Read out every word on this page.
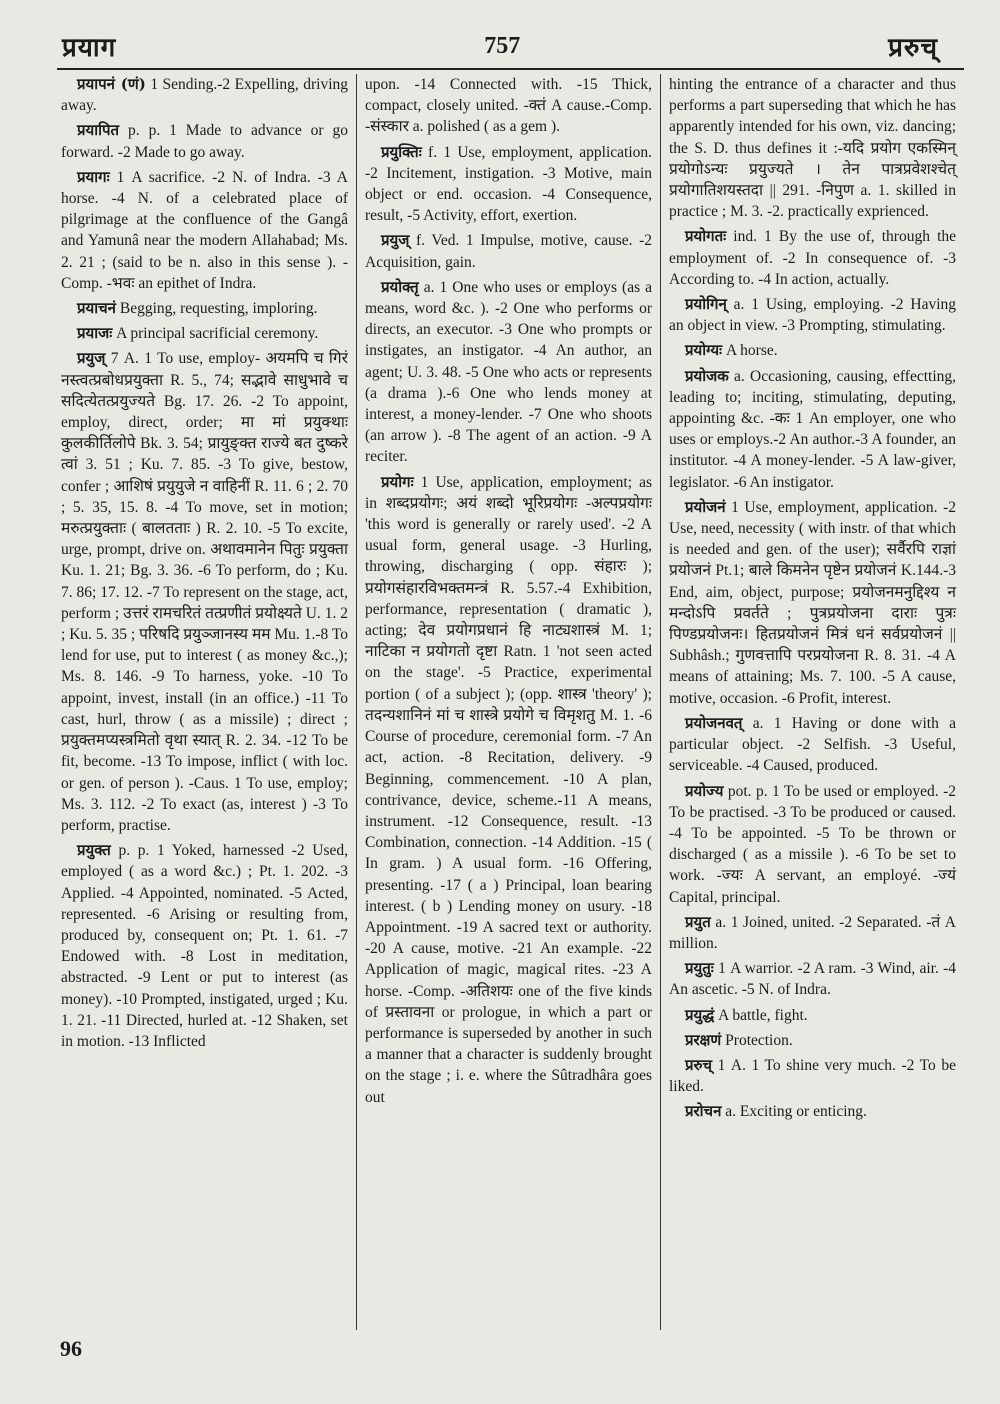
प्रयाग	757	प्ररुच्

प्रयापनं (णं) 1 Sending.-2 Expelling, driving away.

प्रयापित p. p. 1 Made to advance or go forward. -2 Made to go away.

प्रयागः 1 A sacrifice. -2 N. of Indra. -3 A horse. -4 N. of a celebrated place of pilgrimage at the confluence of the Gangâ and Yamunâ near the modern Allahabad; Ms. 2. 21 ; (said to be n. also in this sense ). -Comp. -भवः an epithet of Indra.

प्रयाचनं Begging, requesting, imploring.

प्रयाजः A principal sacrificial ceremony.

प्रयुज् 7 A. 1 To use, employ- अयमपि च गिरं नस्त्वत्प्रबोधप्रयुक्ता R. 5., 74; सद्भावे साधुभावे च सदित्येतत्प्रयुज्यते Bg. 17. 26. -2 To appoint, employ, direct, order; मा मां प्रयुक्थाः कुलकीर्तिलोपे Bk. 3. 54; प्रायुङ्क्त राज्ये बत दुष्करे त्वां 3. 51 ; Ku. 7. 85. -3 To give, bestow, confer ; आशिषं प्रयुयुजे न वाहिनीं R. 11. 6 ; 2. 70 ; 5. 35, 15. 8. -4 To move, set in motion; मरुत्प्रयुक्ताः ( बालतताः ) R. 2. 10. -5 To excite, urge, prompt, drive on. अथावमानेन पितुः प्रयुक्ता Ku. 1. 21; Bg. 3. 36. -6 To perform, do ; Ku. 7. 86; 17. 12. -7 To represent on the stage, act, perform ; उत्तरं रामचरितं तत्प्रणीतं प्रयोक्ष्यते U. 1. 2 ; Ku. 5. 35 ; परिषदि प्रयुञ्जानस्य मम Mu. 1.-8 To lend for use, put to interest ( as money &c.,); Ms. 8. 146. -9 To harness, yoke. -10 To appoint, invest, install (in an office.) -11 To cast, hurl, throw ( as a missile) ; direct ; प्रयुक्तमप्यस्त्रमितो वृथा स्यात् R. 2. 34. -12 To be fit, become. -13 To impose, inflict ( with loc. or gen. of person ). -Caus. 1 To use, employ; Ms. 3. 112. -2 To exact (as, interest ) -3 To perform, practise.

प्रयुक्त p. p. 1 Yoked, harnessed -2 Used, employed ( as a word &c.) ; Pt. 1. 202. -3 Applied. -4 Appointed, nominated. -5 Acted, represented. -6 Arising or resulting from, produced by, consequent on; Pt. 1. 61. -7 Endowed with. -8 Lost in meditation, abstracted. -9 Lent or put to interest (as money). -10 Prompted, instigated, urged ; Ku. 1. 21. -11 Directed, hurled at. -12 Shaken, set in motion. -13 Inflicted

upon. -14 Connected with. -15 Thick, compact, closely united. -क्तं A cause.-Comp. -संस्कार a. polished ( as a gem ).

प्रयुक्तिः f. 1 Use, employment, application. -2 Incitement, instigation. -3 Motive, main object or end. occasion. -4 Consequence, result, -5 Activity, effort, exertion.

प्रयुज् f. Ved. 1 Impulse, motive, cause. -2 Acquisition, gain.

प्रयोक्तृ a. 1 One who uses or employs (as a means, word &c. ). -2 One who performs or directs, an executor. -3 One who prompts or instigates, an instigator. -4 An author, an agent; U. 3. 48. -5 One who acts or represents (a drama ).-6 One who lends money at interest, a money-lender. -7 One who shoots (an arrow ). -8 The agent of an action. -9 A reciter.

प्रयोगः 1 Use, application, employment; as in शब्दप्रयोगः; अयं शब्दो भूरिप्रयोगः -अल्पप्रयोगः 'this word is generally or rarely used'. -2 A usual form, general usage. -3 Hurling, throwing, discharging ( opp. संहारः ); प्रयोगसंहारविभक्तमन्त्रं R. 5.57.-4 Exhibition, performance, representation ( dramatic ), acting; देव प्रयोगप्रधानं हि नाट्यशास्त्रं M. 1; नाटिका न प्रयोगतो दृष्टा Ratn. 1 'not seen acted on the stage'. -5 Practice, experimental portion ( of a subject ); (opp. शास्त्र 'theory' ); तदन्यशानिनं मां च शास्त्रे प्रयोगे च विमृशतु M. 1. -6 Course of procedure, ceremonial form. -7 An act, action. -8 Recitation, delivery. -9 Beginning, commencement. -10 A plan, contrivance, device, scheme.-11 A means, instrument. -12 Consequence, result. -13 Combination, connection. -14 Addition. -15 ( In gram. ) A usual form. -16 Offering, presenting. -17 ( a ) Principal, loan bearing interest. ( b ) Lending money on usury. -18 Appointment. -19 A sacred text or authority. -20 A cause, motive. -21 An example. -22 Application of magic, magical rites. -23 A horse. -Comp. -अतिशयः one of the five kinds of प्रस्तावना or prologue, in which a part or performance is superseded by another in such a manner that a character is suddenly brought on the stage ; i. e. where the Sûtradhâra goes out

hinting the entrance of a character and thus performs a part superseding that which he has apparently intended for his own, viz. dancing; the S. D. thus defines it :-यदि प्रयोग एकस्मिन् प्रयोगोऽन्यः प्रयुज्यते । तेन पात्रप्रवेशश्चेत् प्रयोगातिशयस्तदा || 291. -निपुण a. 1. skilled in practice ; M. 3. -2. practically exprienced.

प्रयोगतः ind. 1 By the use of, through the employment of. -2 In consequence of. -3 According to. -4 In action, actually.

प्रयोगिन् a. 1 Using, employing. -2 Having an object in view. -3 Prompting, stimulating.

प्रयोग्यः A horse.

प्रयोजक a. Occasioning, causing, effectting, leading to; inciting, stimulating, deputing, appointing &c. -कः 1 An employer, one who uses or employs.-2 An author.-3 A founder, an institutor. -4 A money-lender. -5 A law-giver, legislator. -6 An instigator.

प्रयोजनं 1 Use, employment, application. -2 Use, need, necessity ( with instr. of that which is needed and gen. of the user); सर्वैरपि राज्ञां प्रयोजनं Pt.1; बाले किमनेन पृष्टेन प्रयोजनं K.144.-3 End, aim, object, purpose; प्रयोजनमनुद्दिश्य न मन्दोऽपि प्रवर्तते ; पुत्रप्रयोजना दाराः पुत्रः पिण्डप्रयोजनः। हितप्रयोजनं मित्रं धनं सर्वप्रयोजनं || Subhâsh.; गुणवत्तापि परप्रयोजना R. 8. 31. -4 A means of attaining; Ms. 7. 100. -5 A cause, motive, occasion. -6 Profit, interest.

प्रयोजनवत् a. 1 Having or done with a particular object. -2 Selfish. -3 Useful, serviceable. -4 Caused, produced.

प्रयोज्य pot. p. 1 To be used or employed. -2 To be practised. -3 To be produced or caused. -4 To be appointed. -5 To be thrown or discharged ( as a missile ). -6 To be set to work. -ज्यः A servant, an employé. -ज्यं Capital, principal.

प्रयुत a. 1 Joined, united. -2 Separated. -तं A million.

प्रयुतुः 1 A warrior. -2 A ram. -3 Wind, air. -4 An ascetic. -5 N. of Indra.

प्रयुद्धं A battle, fight.

प्ररक्षणं Protection.

प्ररुच् 1 A. 1 To shine very much. -2 To be liked.

प्ररोचन a. Exciting or enticing.

96
